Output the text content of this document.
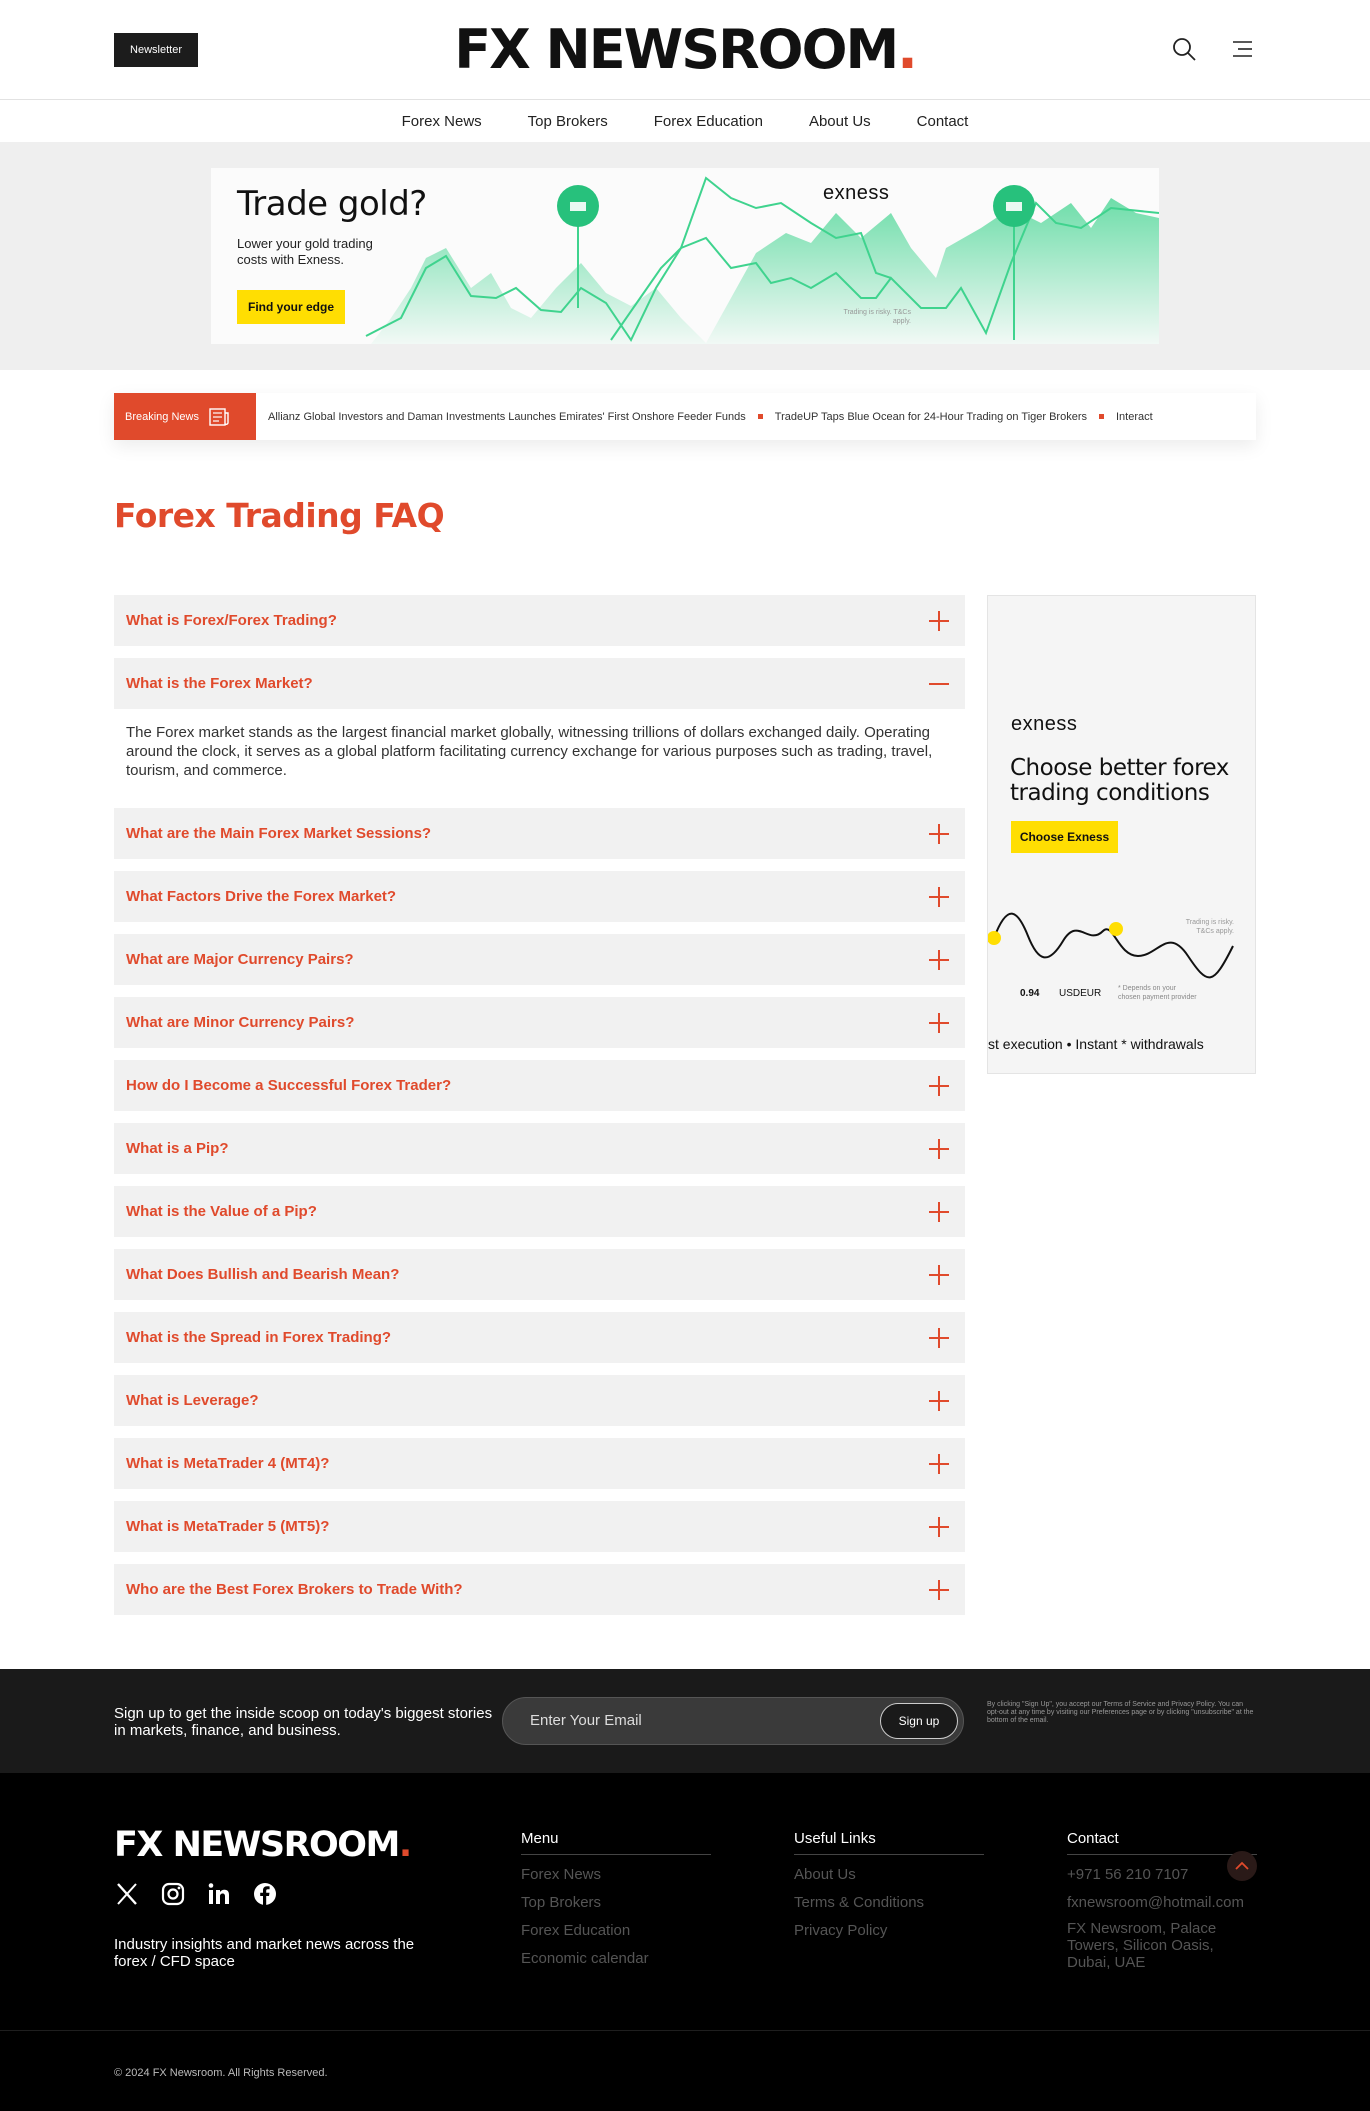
Newsletter	FX NEWSROOM.
Forex News	Top Brokers	Forex Education	About Us	Contact
Trade gold?
Lower your gold trading costs with Exness.
Find your edge
exness
Trading is risky. T&Cs apply.
Breaking News	Allianz Global Investors and Daman Investments Launches Emirates' First Onshore Feeder Funds	TradeUP Taps Blue Ocean for 24-Hour Trading on Tiger Brokers	Interact
Forex Trading FAQ
What is Forex/Forex Trading?
What is the Forex Market?
The Forex market stands as the largest financial market globally, witnessing trillions of dollars exchanged daily. Operating around the clock, it serves as a global platform facilitating currency exchange for various purposes such as trading, travel, tourism, and commerce.
What are the Main Forex Market Sessions?
What Factors Drive the Forex Market?
What are Major Currency Pairs?
What are Minor Currency Pairs?
How do I Become a Successful Forex Trader?
What is a Pip?
What is the Value of a Pip?
What Does Bullish and Bearish Mean?
What is the Spread in Forex Trading?
What is Leverage?
What is MetaTrader 4 (MT4)?
What is MetaTrader 5 (MT5)?
Who are the Best Forex Brokers to Trade With?
exness
Choose better forex trading conditions
Choose Exness
Trading is risky. T&Cs apply.
0.94 USDEUR * Depends on your chosen payment provider
st execution • Instant * withdrawals
Sign up to get the inside scoop on today's biggest stories in markets, finance, and business.
Enter Your Email
Sign up
By clicking "Sign Up", you accept our Terms of Service and Privacy Policy. You can opt-out at any time by visiting our Preferences page or by clicking "unsubscribe" at the bottom of the email.
FX NEWSROOM.
Industry insights and market news across the forex / CFD space
Menu
Forex News
Top Brokers
Forex Education
Economic calendar
Useful Links
About Us
Terms & Conditions
Privacy Policy
Contact
+971 56 210 7107
fxnewsroom@hotmail.com
FX Newsroom, Palace Towers, Silicon Oasis, Dubai, UAE
© 2024 FX Newsroom. All Rights Reserved.
